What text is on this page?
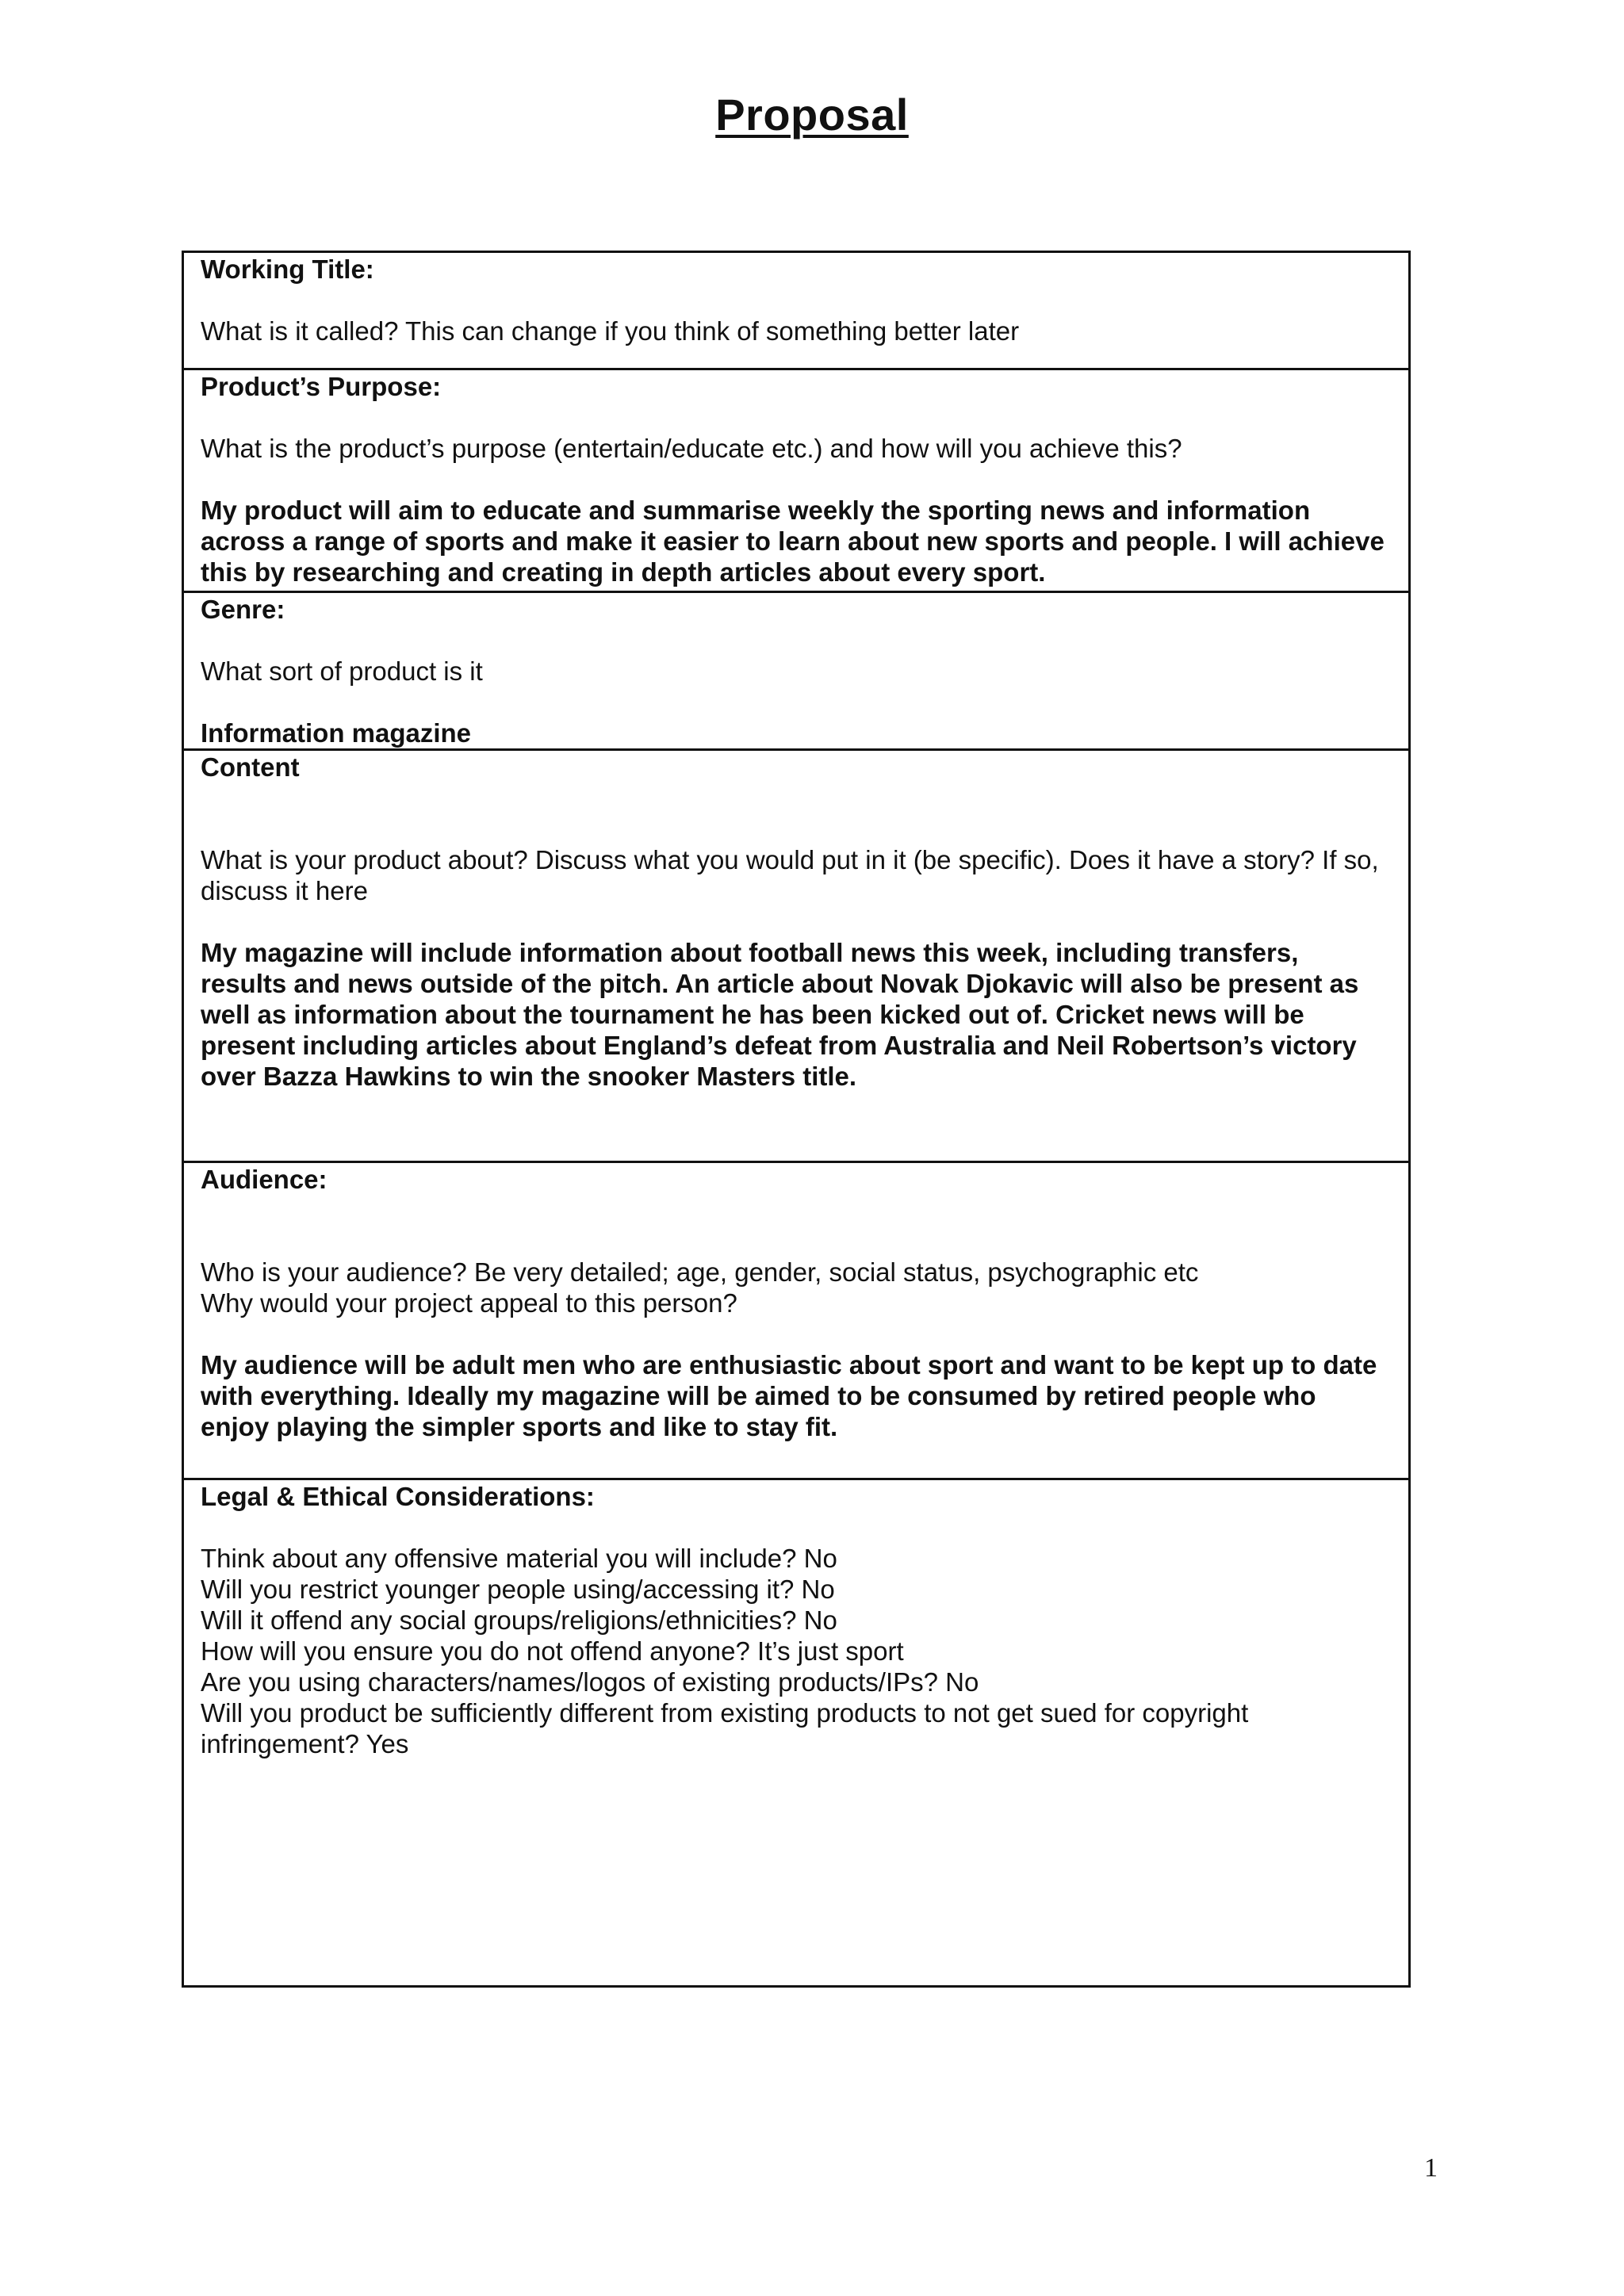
Proposal
Working Title:

What is it called? This can change if you think of something better later

Product’s Purpose:

What is the product’s purpose (entertain/educate etc.) and how will you achieve this?

My product will aim to educate and summarise weekly the sporting news and information across a range of sports and make it easier to learn about new sports and people. I will achieve this by researching and creating in depth articles about every sport.

Genre:

What sort of product is it

Information magazine

Content

What is your product about? Discuss what you would put in it (be specific). Does it have a story? If so, discuss it here

My magazine will include information about football news this week, including transfers, results and news outside of the pitch. An article about Novak Djokavic will also be present as well as information about the tournament he has been kicked out of. Cricket news will be present including articles about England’s defeat from Australia and Neil Robertson’s victory over Bazza Hawkins to win the snooker Masters title.

Audience:

Who is your audience? Be very detailed; age, gender, social status, psychographic etc

Why would your project appeal to this person?

My audience will be adult men who are enthusiastic about sport and want to be kept up to date with everything. Ideally my magazine will be aimed to be consumed by retired people who enjoy playing the simpler sports and like to stay fit.

Legal & Ethical Considerations:
Think about any offensive material you will include? No
Will you restrict younger people using/accessing it? No
Will it offend any social groups/religions/ethnicities? No
How will you ensure you do not offend anyone? It’s just sport
Are you using characters/names/logos of existing products/IPs? No
Will you product be sufficiently different from existing products to not get sued for copyright
infringement? Yes
1
